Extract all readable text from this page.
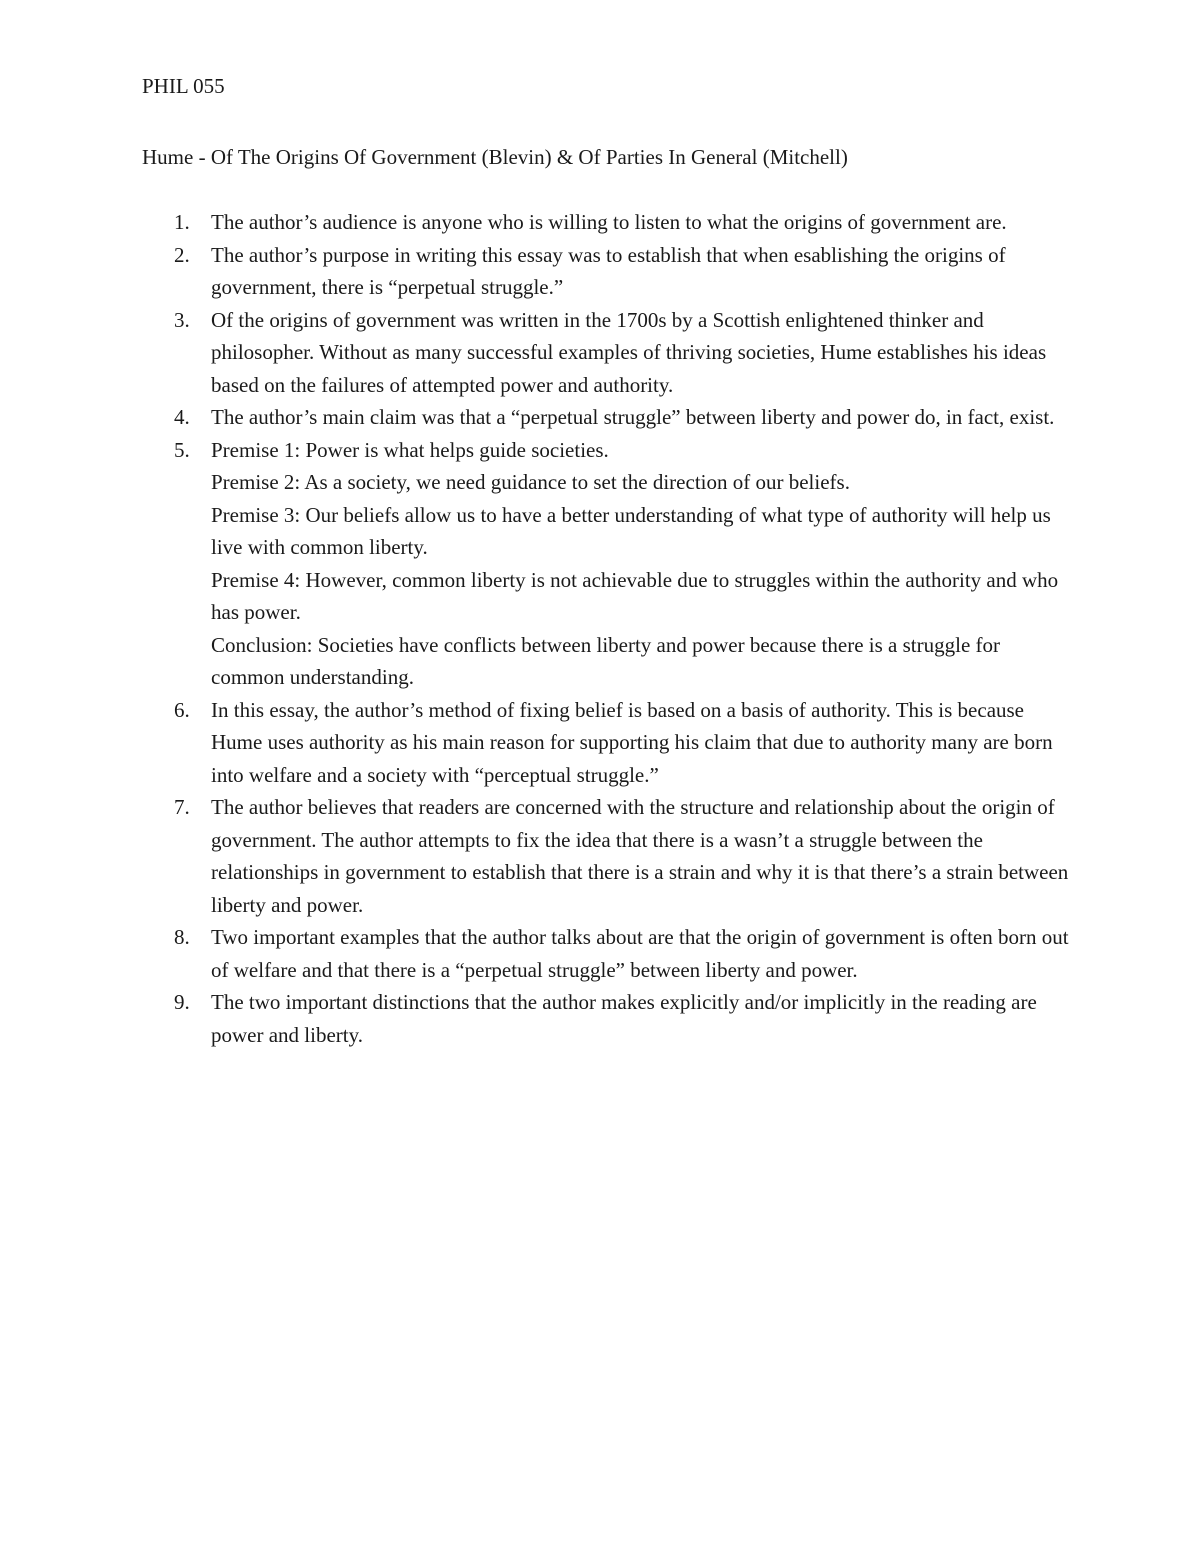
PHIL 055
Hume - Of The Origins Of Government (Blevin) & Of Parties In General (Mitchell)
1. The author’s audience is anyone who is willing to listen to what the origins of government are.
2. The author’s purpose in writing this essay was to establish that when esablishing the origins of government, there is “perpetual struggle.”
3. Of the origins of government was written in the 1700s by a Scottish enlightened thinker and philosopher. Without as many successful examples of thriving societies, Hume establishes his ideas based on the failures of attempted power and authority.
4. The author’s main claim was that a “perpetual struggle” between liberty and power do, in fact, exist.
5. Premise 1: Power is what helps guide societies.
Premise 2: As a society, we need guidance to set the direction of our beliefs.
Premise 3: Our beliefs allow us to have a better understanding of what type of authority will help us live with common liberty.
Premise 4: However, common liberty is not achievable due to struggles within the authority and who has power.
Conclusion: Societies have conflicts between liberty and power because there is a struggle for common understanding.
6. In this essay, the author’s method of fixing belief is based on a basis of authority. This is because Hume uses authority as his main reason for supporting his claim that due to authority many are born into welfare and a society with “perceptual struggle.”
7. The author believes that readers are concerned with the structure and relationship about the origin of government. The author attempts to fix the idea that there is a wasn’t a struggle between the relationships in government to establish that there is a strain and why it is that there’s a strain between liberty and power.
8. Two important examples that the author talks about are that the origin of government is often born out of welfare and that there is a “perpetual struggle” between liberty and power.
9. The two important distinctions that the author makes explicitly and/or implicitly in the reading are power and liberty.
